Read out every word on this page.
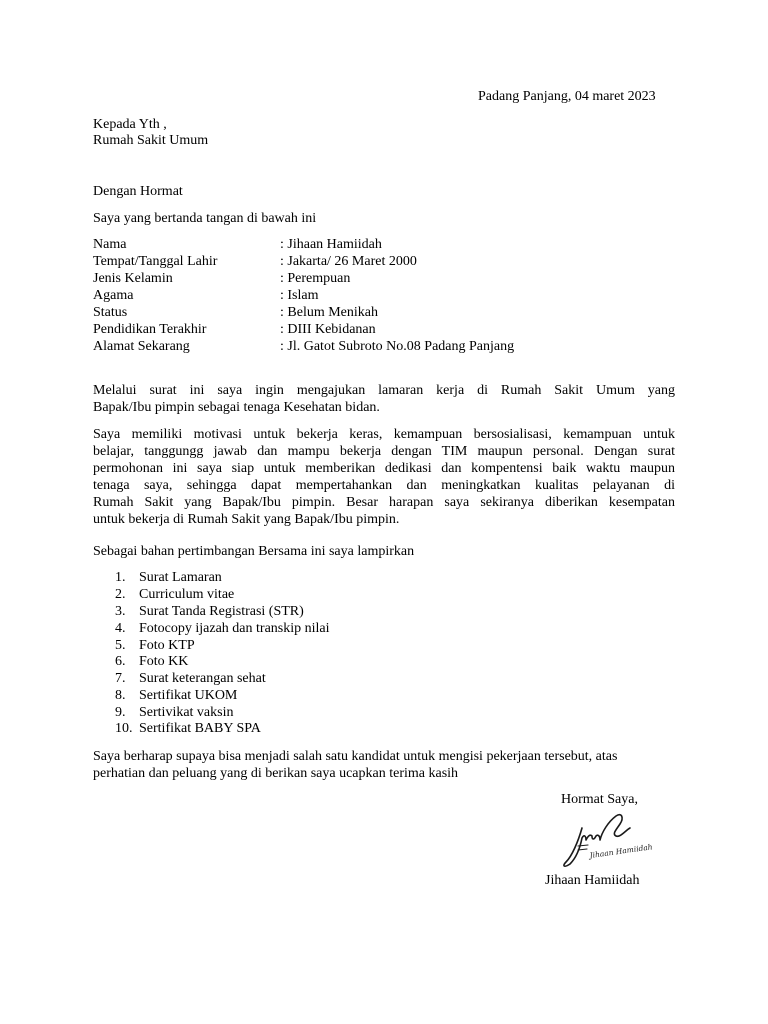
Padang Panjang, 04 maret 2023
Kepada Yth ,
Rumah Sakit Umum
Dengan Hormat
Saya yang bertanda tangan di bawah ini
Nama	: Jihaan Hamiidah
Tempat/Tanggal Lahir	: Jakarta/ 26 Maret 2000
Jenis Kelamin	: Perempuan
Agama	: Islam
Status	: Belum Menikah
Pendidikan Terakhir	: DIII Kebidanan
Alamat Sekarang	: Jl. Gatot Subroto No.08 Padang Panjang
Melalui surat ini saya ingin mengajukan lamaran kerja di Rumah Sakit Umum yang
Bapak/Ibu pimpin sebagai tenaga Kesehatan bidan.
Saya memiliki motivasi untuk bekerja keras, kemampuan bersosialisasi, kemampuan untuk
belajar, tanggungg jawab dan mampu bekerja dengan TIM maupun personal. Dengan surat
permohonan ini saya siap untuk memberikan dedikasi dan kompentensi baik waktu maupun
tenaga saya, sehingga dapat mempertahankan dan meningkatkan kualitas pelayanan di
Rumah Sakit yang Bapak/Ibu pimpin. Besar harapan saya sekiranya diberikan kesempatan
untuk bekerja di Rumah Sakit yang Bapak/Ibu pimpin.
Sebagai bahan pertimbangan Bersama ini saya lampirkan
1. Surat Lamaran
2. Curriculum vitae
3. Surat Tanda Registrasi (STR)
4. Fotocopy ijazah dan transkip nilai
5. Foto KTP
6. Foto KK
7. Surat keterangan sehat
8. Sertifikat UKOM
9. Sertivikat vaksin
10. Sertifikat BABY SPA
Saya berharap supaya bisa menjadi salah satu kandidat untuk mengisi pekerjaan tersebut, atas
perhatian dan peluang yang di berikan saya ucapkan terima kasih
Hormat Saya,
Jihaan Hamiidah
Jihaan Hamiidah
